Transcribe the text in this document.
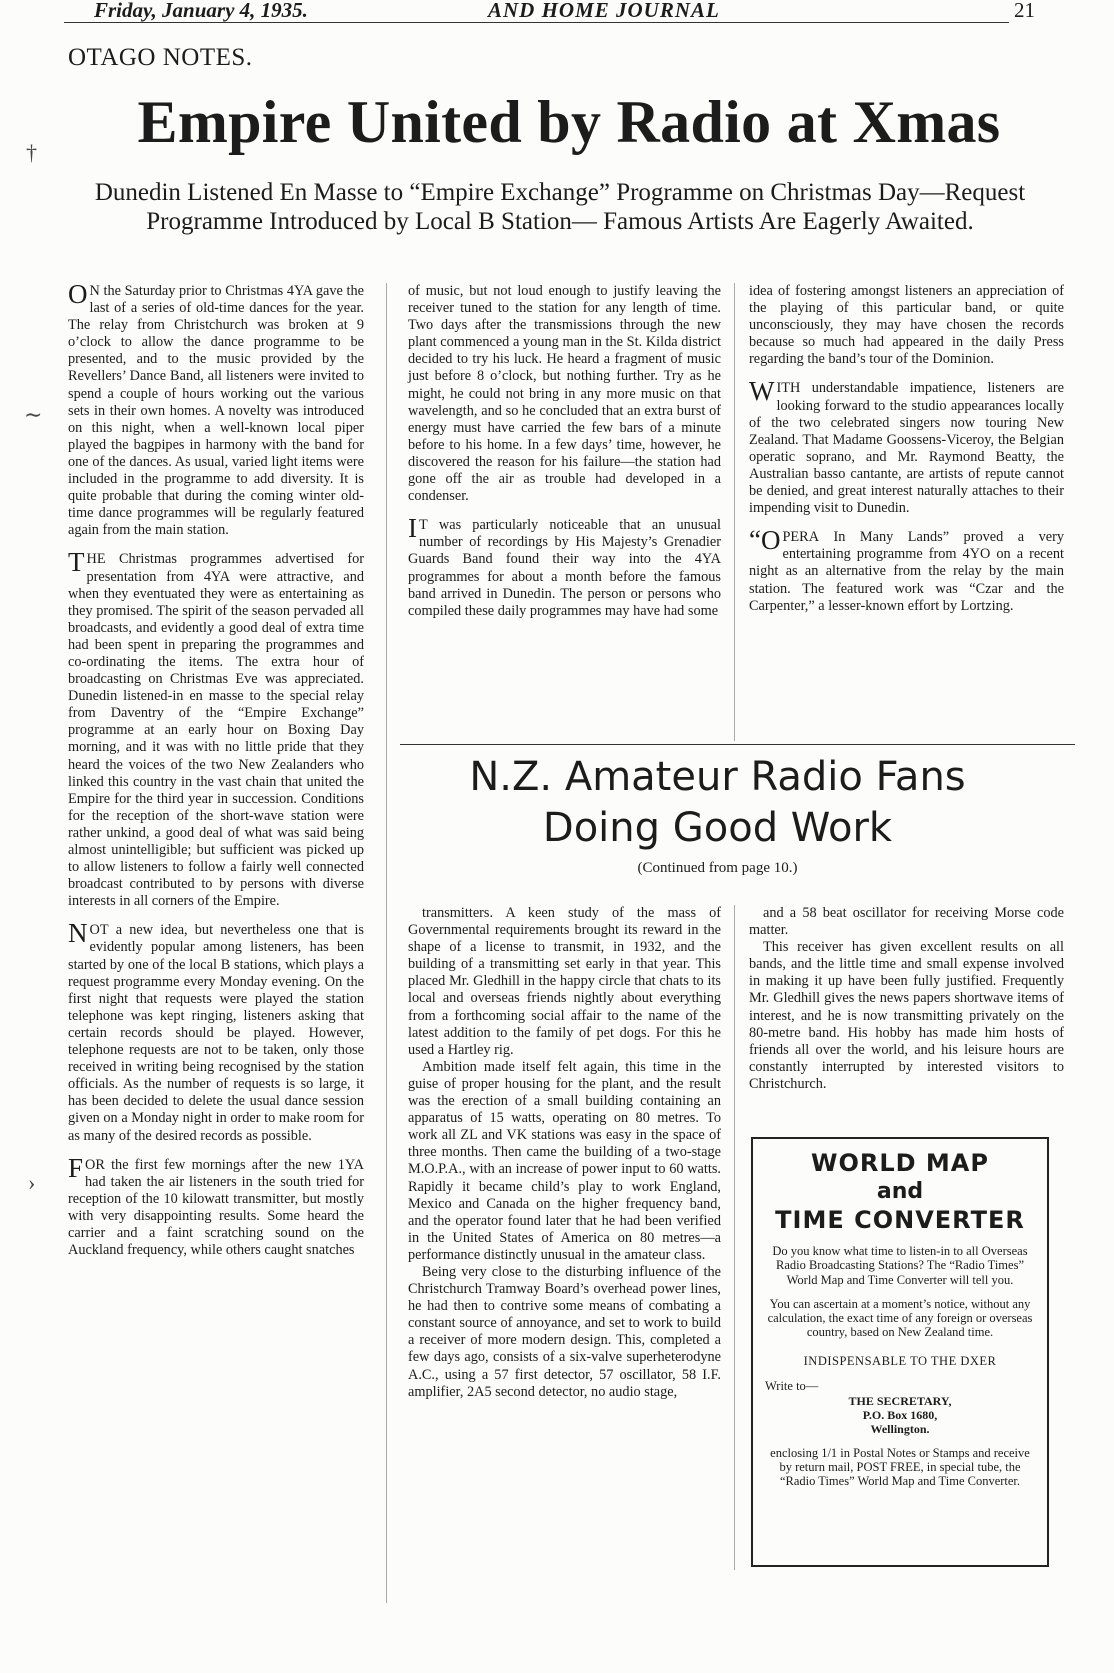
Friday, January 4, 1935.	AND HOME JOURNAL	21
OTAGO NOTES.
Empire United by Radio at Xmas
Dunedin Listened En Masse to “Empire Exchange” Programme on Christmas Day—Request Programme Introduced by Local B Station— Famous Artists Are Eagerly Awaited.

O N the Saturday prior to Christmas 4YA gave the last of a series of old-time dances for the year. The relay from Christchurch was broken at 9 o’clock to allow the dance programme to be presented, and to the music provided by the Revellers’ Dance Band, all listeners were invited to spend a couple of hours working out the various sets in their own homes. A novelty was introduced on this night, when a well-known local piper played the bagpipes in harmony with the band for one of the dances. As usual, varied light items were included in the programme to add diversity. It is quite probable that during the coming winter old-time dance programmes will be regularly featured again from the main station.

THE Christmas programmes advertised for presentation from 4YA were attractive, and when they eventuated they were as entertaining as they promised. The spirit of the season pervaded all broadcasts, and evidently a good deal of extra time had been spent in preparing the programmes and co-ordinating the items. The extra hour of broadcasting on Christmas Eve was appreciated. Dunedin listened-in en masse to the special relay from Daventry of the “Empire Exchange” programme at an early hour on Boxing Day morning, and it was with no little pride that they heard the voices of the two New Zealanders who linked this country in the vast chain that united the Empire for the third year in succession. Conditions for the reception of the short-wave station were rather unkind, a good deal of what was said being almost unintelligible; but sufficient was picked up to allow listeners to follow a fairly well connected broadcast contributed to by persons with diverse interests in all corners of the Empire.

NOT a new idea, but nevertheless one that is evidently popular among listeners, has been started by one of the local B stations, which plays a request programme every Monday evening. On the first night that requests were played the station telephone was kept ringing, listeners asking that certain records should be played. However, telephone requests are not to be taken, only those received in writing being recognised by the station officials. As the number of requests is so large, it has been decided to delete the usual dance session given on a Monday night in order to make room for as many of the desired records as possible.

FOR the first few mornings after the new 1YA had taken the air listeners in the south tried for reception of the 10 kilowatt transmitter, but mostly with very disappointing results. Some heard the carrier and a faint scratching sound on the Auckland frequency, while others caught snatches

of music, but not loud enough to justify leaving the receiver tuned to the station for any length of time. Two days after the transmissions through the new plant commenced a young man in the St. Kilda district decided to try his luck. He heard a fragment of music just before 8 o’clock, but nothing further. Try as he might, he could not bring in any more music on that wavelength, and so he concluded that an extra burst of energy must have carried the few bars of a minute before to his home. In a few days’ time, however, he discovered the reason for his failure—the station had gone off the air as trouble had developed in a condenser.

I T was particularly noticeable that an unusual number of recordings by His Majesty’s Grenadier Guards Band found their way into the 4YA programmes for about a month before the famous band arrived in Dunedin. The person or persons who compiled these daily programmes may have had some

idea of fostering amongst listeners an appreciation of the playing of this particular band, or quite unconsciously, they may have chosen the records because so much had appeared in the daily Press regarding the band’s tour of the Dominion.

WITH understandable impatience, listeners are looking forward to the studio appearances locally of the two celebrated singers now touring New Zealand. That Madame Goossens-Viceroy, the Belgian operatic soprano, and Mr. Raymond Beatty, the Australian basso cantante, are artists of repute cannot be denied, and great interest naturally attaches to their impending visit to Dunedin.

“OPERA In Many Lands” proved a very entertaining programme from 4YO on a recent night as an alternative from the relay by the main station. The featured work was “Czar and the Carpenter,” a lesser-known effort by Lortzing.

N.Z. Amateur Radio Fans
Doing Good Work
(Continued from page 10.)

transmitters. A keen study of the mass of Governmental requirements brought its reward in the shape of a license to transmit, in 1932, and the building of a transmitting set early in that year. This placed Mr. Gledhill in the happy circle that chats to its local and overseas friends nightly about everything from a forthcoming social affair to the name of the latest addition to the family of pet dogs. For this he used a Hartley rig.

Ambition made itself felt again, this time in the guise of proper housing for the plant, and the result was the erection of a small building containing an apparatus of 15 watts, operating on 80 metres. To work all ZL and VK stations was easy in the space of three months. Then came the building of a two-stage M.O.P.A., with an increase of power input to 60 watts. Rapidly it became child’s play to work England, Mexico and Canada on the higher frequency band, and the operator found later that he had been verified in the United States of America on 80 metres—a performance distinctly unusual in the amateur class.

Being very close to the disturbing influence of the Christchurch Tramway Board’s overhead power lines, he had then to contrive some means of combating a constant source of annoyance, and set to work to build a receiver of more modern design. This, completed a few days ago, consists of a six-valve superheterodyne A.C., using a 57 first detector, 57 oscillator, 58 I.F. amplifier, 2A5 second detector, no audio stage,

and a 58 beat oscillator for receiving Morse code matter.

This receiver has given excellent results on all bands, and the little time and small expense involved in making it up have been fully justified. Frequently Mr. Gledhill gives the news papers shortwave items of interest, and he is now transmitting privately on the 80-metre band. His hobby has made him hosts of friends all over the world, and his leisure hours are constantly interrupted by interested visitors to Christchurch.

WORLD MAP
and
TIME CONVERTER
Do you know what time to listen-in to all Overseas Radio Broadcasting Stations? The “Radio Times” World Map and Time Converter will tell you.
You can ascertain at a moment’s notice, without any calculation, the exact time of any foreign or overseas country, based on New Zealand time.
INDISPENSABLE TO THE DXER
Write to—
THE SECRETARY,
P.O. Box 1680,
Wellington.
enclosing 1/1 in Postal Notes or Stamps and receive by return mail, POST FREE, in special tube, the “Radio Times” World Map and Time Converter.
†
∼
›
